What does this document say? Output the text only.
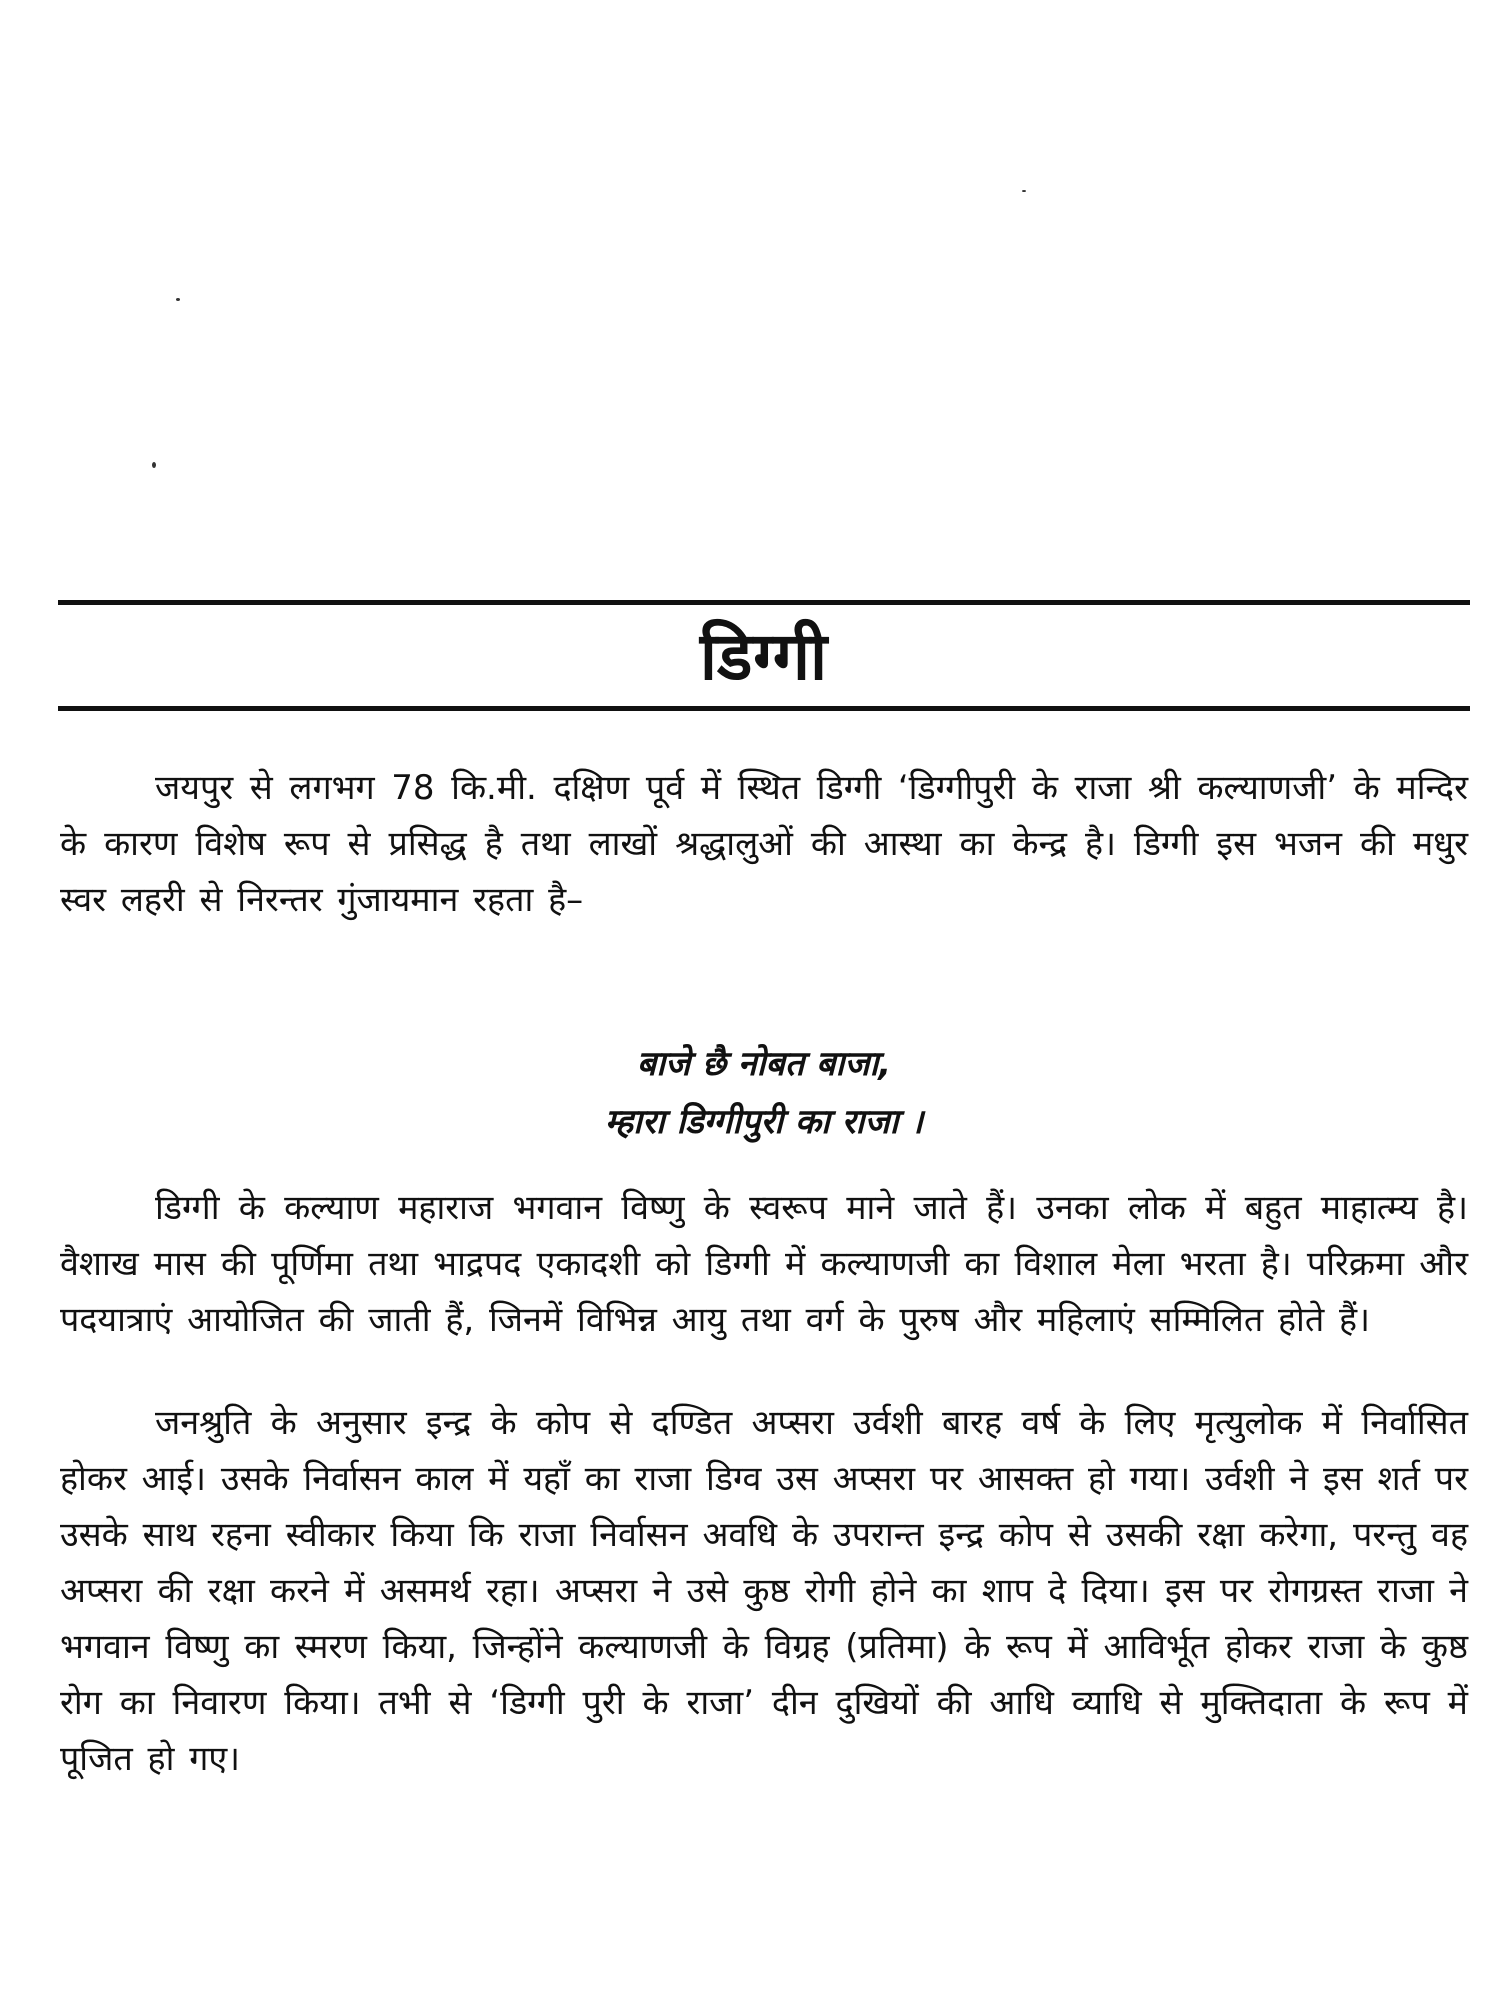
डिग्गी

जयपुर से लगभग 78 कि.मी. दक्षिण पूर्व में स्थित डिग्गी ‘डिग्गीपुरी के राजा श्री कल्याणजी’ के मन्दिर के कारण विशेष रूप से प्रसिद्ध है तथा लाखों श्रद्धालुओं की आस्था का केन्द्र है। डिग्गी इस भजन की मधुर स्वर लहरी से निरन्तर गुंजायमान रहता है–

बाजे छै नोबत बाजा,
म्हारा डिग्गीपुरी का राजा ।

डिग्गी के कल्याण महाराज भगवान विष्णु के स्वरूप माने जाते हैं। उनका लोक में बहुत माहात्म्य है। वैशाख मास की पूर्णिमा तथा भाद्रपद एकादशी को डिग्गी में कल्याणजी का विशाल मेला भरता है। परिक्रमा और पदयात्राएं आयोजित की जाती हैं, जिनमें विभिन्न आयु तथा वर्ग के पुरुष और महिलाएं सम्मिलित होते हैं।

जनश्रुति के अनुसार इन्द्र के कोप से दण्डित अप्सरा उर्वशी बारह वर्ष के लिए मृत्युलोक में निर्वासित होकर आई। उसके निर्वासन काल में यहाँ का राजा डिग्व उस अप्सरा पर आसक्त हो गया। उर्वशी ने इस शर्त पर उसके साथ रहना स्वीकार किया कि राजा निर्वासन अवधि के उपरान्त इन्द्र कोप से उसकी रक्षा करेगा, परन्तु वह अप्सरा की रक्षा करने में असमर्थ रहा। अप्सरा ने उसे कुष्ठ रोगी होने का शाप दे दिया। इस पर रोगग्रस्त राजा ने भगवान विष्णु का स्मरण किया, जिन्होंने कल्याणजी के विग्रह (प्रतिमा) के रूप में आविर्भूत होकर राजा के कुष्ठ रोग का निवारण किया। तभी से ‘डिग्गी पुरी के राजा’ दीन दुखियों की आधि व्याधि से मुक्तिदाता के रूप में पूजित हो गए।
